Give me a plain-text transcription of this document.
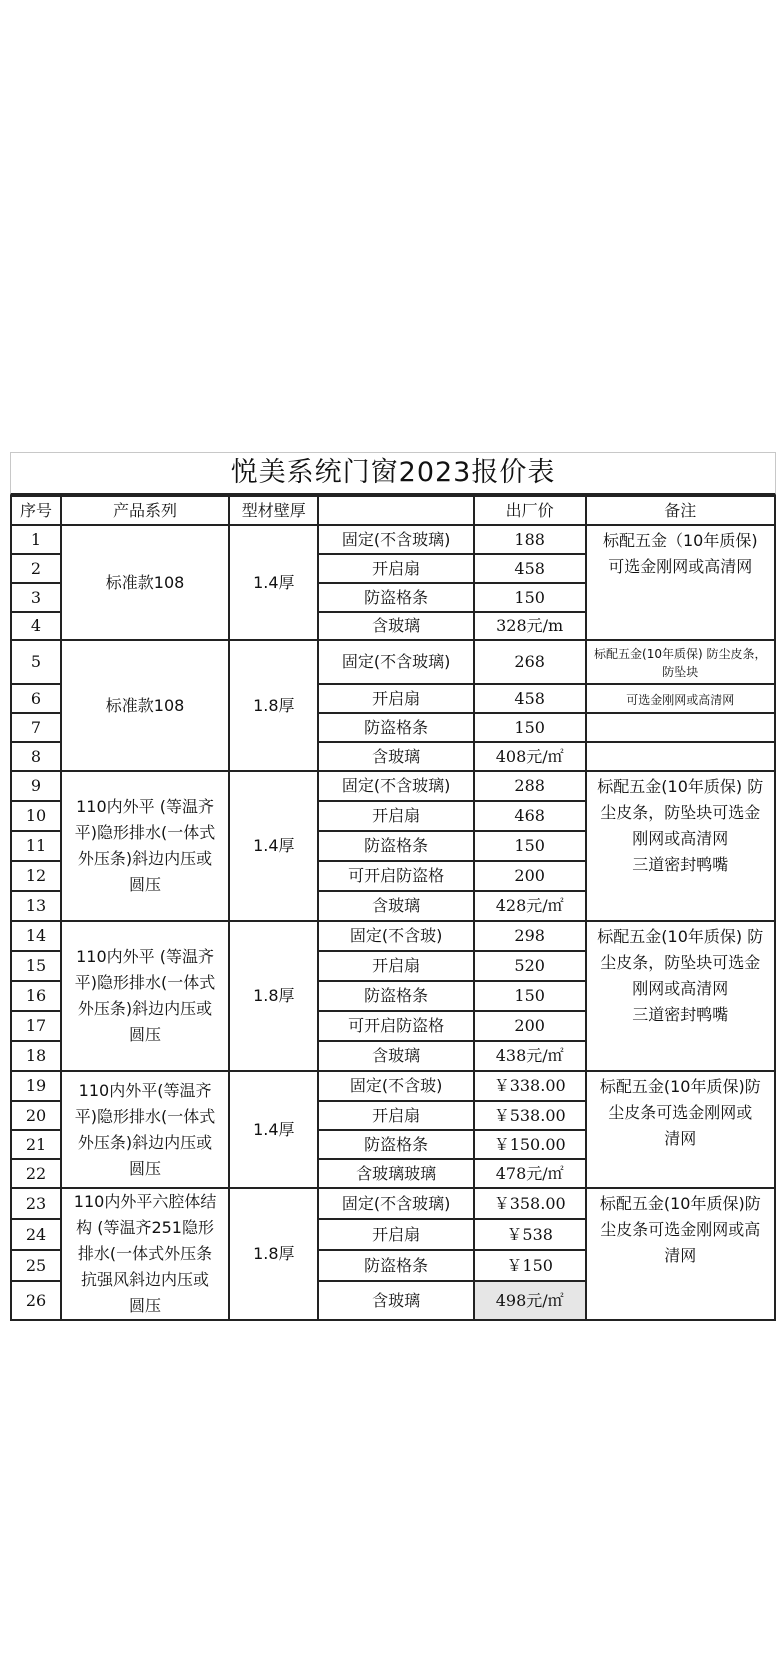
悦美系统门窗2023报价表
序号	产品系列	型材壁厚		出厂价	备注
1	标准款108	1.4厚	固定(不含玻璃)	188	标配五金（10年质保)
可选金刚网或高清网

2			开启扇	458	
3			防盗格条	150	
4			含玻璃	328元/m	
5	标准款108	1.8厚	固定(不含玻璃)	268	标配五金(10年质保) 防尘皮条，防坠块
6			开启扇	458	可选金刚网或高清网
7			防盗格条	150	
8			含玻璃	408元/㎡	
9	110内外平 (等温齐
平)隐形排水(一体式
外压条)斜边内压或
圆压	1.4厚	固定(不含玻璃)	288	标配五金(10年质保) 防
尘皮条，防坠块可选金
刚网或高清网
三道密封鸭嘴

10			开启扇	468	
11			防盗格条	150	
12			可开启防盗格	200	
13			含玻璃	428元/㎡	
14	110内外平 (等温齐
平)隐形排水(一体式
外压条)斜边内压或
圆压	1.8厚	固定(不含玻)	298	标配五金(10年质保) 防
尘皮条，防坠块可选金
刚网或高清网
三道密封鸭嘴

15			开启扇	520	
16			防盗格条	150	
17			可开启防盗格	200	
18			含玻璃	438元/㎡	
19	110内外平(等温齐
平)隐形排水(一体式
外压条)斜边内压或
圆压	1.4厚	固定(不含玻)	￥338.00	标配五金(10年质保)防
尘皮条可选金刚网或
清网

20			开启扇	￥538.00	
21			防盗格条	￥150.00	
22			含玻璃玻璃	478元/㎡	
23	110内外平六腔体结
构 (等温齐251隐形
排水(一体式外压条
抗强风斜边内压或
圆压	1.8厚	固定(不含玻璃)	￥358.00	标配五金(10年质保)防
尘皮条可选金刚网或高
清网

24			开启扇	￥538	
25			防盗格条	￥150	
26			含玻璃	498元/㎡	
